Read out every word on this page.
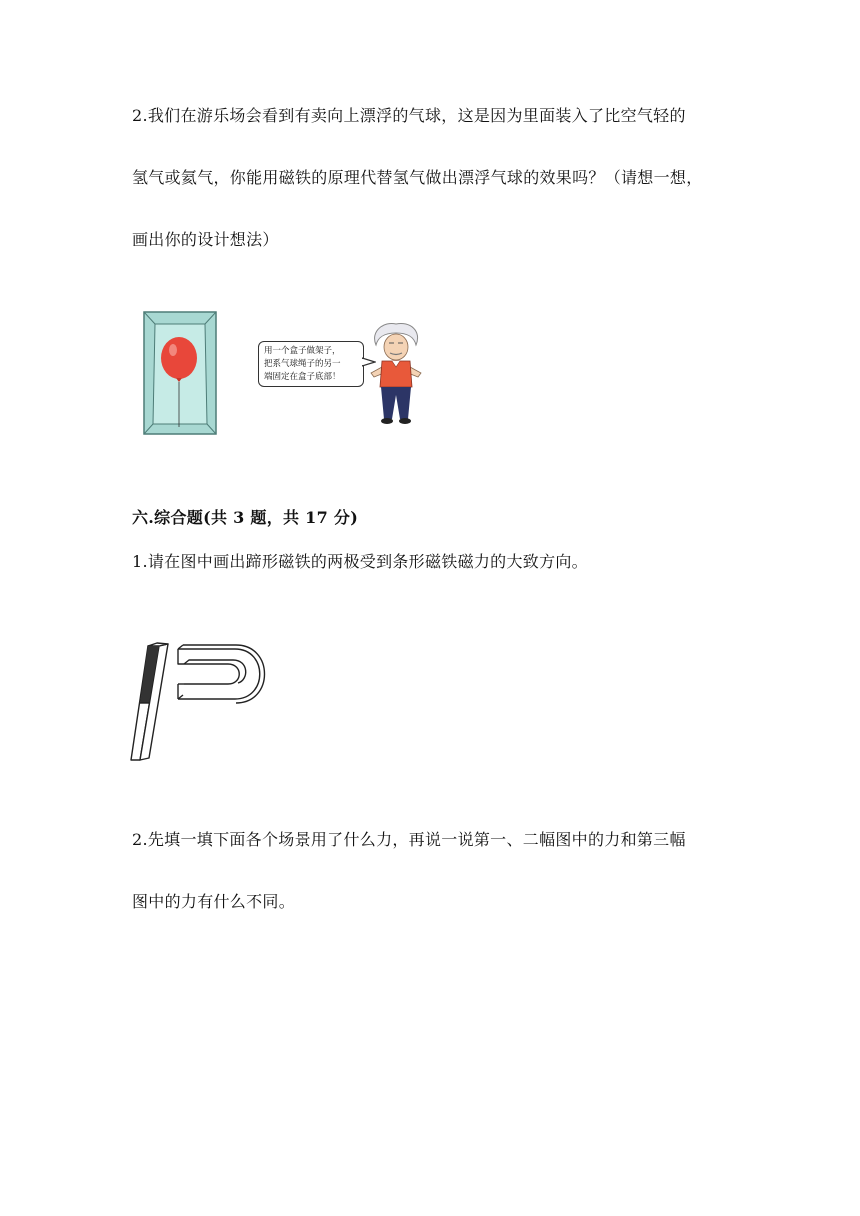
2.我们在游乐场会看到有卖向上漂浮的气球，这是因为里面装入了比空气轻的
氢气或氦气，你能用磁铁的原理代替氢气做出漂浮气球的效果吗？（请想一想，
画出你的设计想法）
用一个盒子做架子，
把系气球绳子的另一
端固定在盒子底部！
六.综合题(共 3 题，共 17 分)
1.请在图中画出蹄形磁铁的两极受到条形磁铁磁力的大致方向。
2.先填一填下面各个场景用了什么力，再说一说第一、二幅图中的力和第三幅
图中的力有什么不同。
